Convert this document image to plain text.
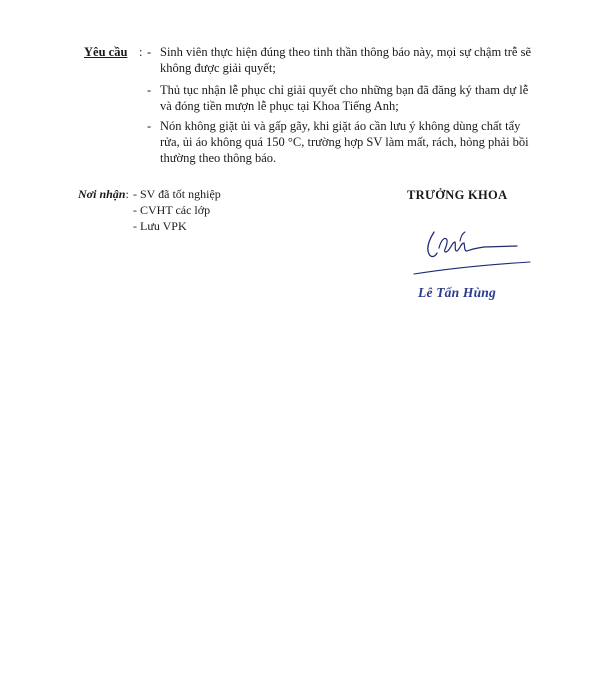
Yêu cầu : - Sinh viên thực hiện đúng theo tinh thần thông báo này, mọi sự chậm trễ sẽ
không được giải quyết;
- Thủ tục nhận lễ phục chỉ giải quyết cho những bạn đã đăng ký tham dự lễ
và đóng tiền mượn lễ phục tại Khoa Tiếng Anh;
- Nón không giặt ủi và gấp gãy, khi giặt áo cần lưu ý không dùng chất tẩy
rửa, ủi áo không quá 150 °C, trường hợp SV làm mất, rách, hỏng phải bồi
thường theo thông báo.
Nơi nhận: - SV đã tốt nghiệp
- CVHT các lớp
- Lưu VPK
TRƯỞNG KHOA
Lê Tấn Hùng
